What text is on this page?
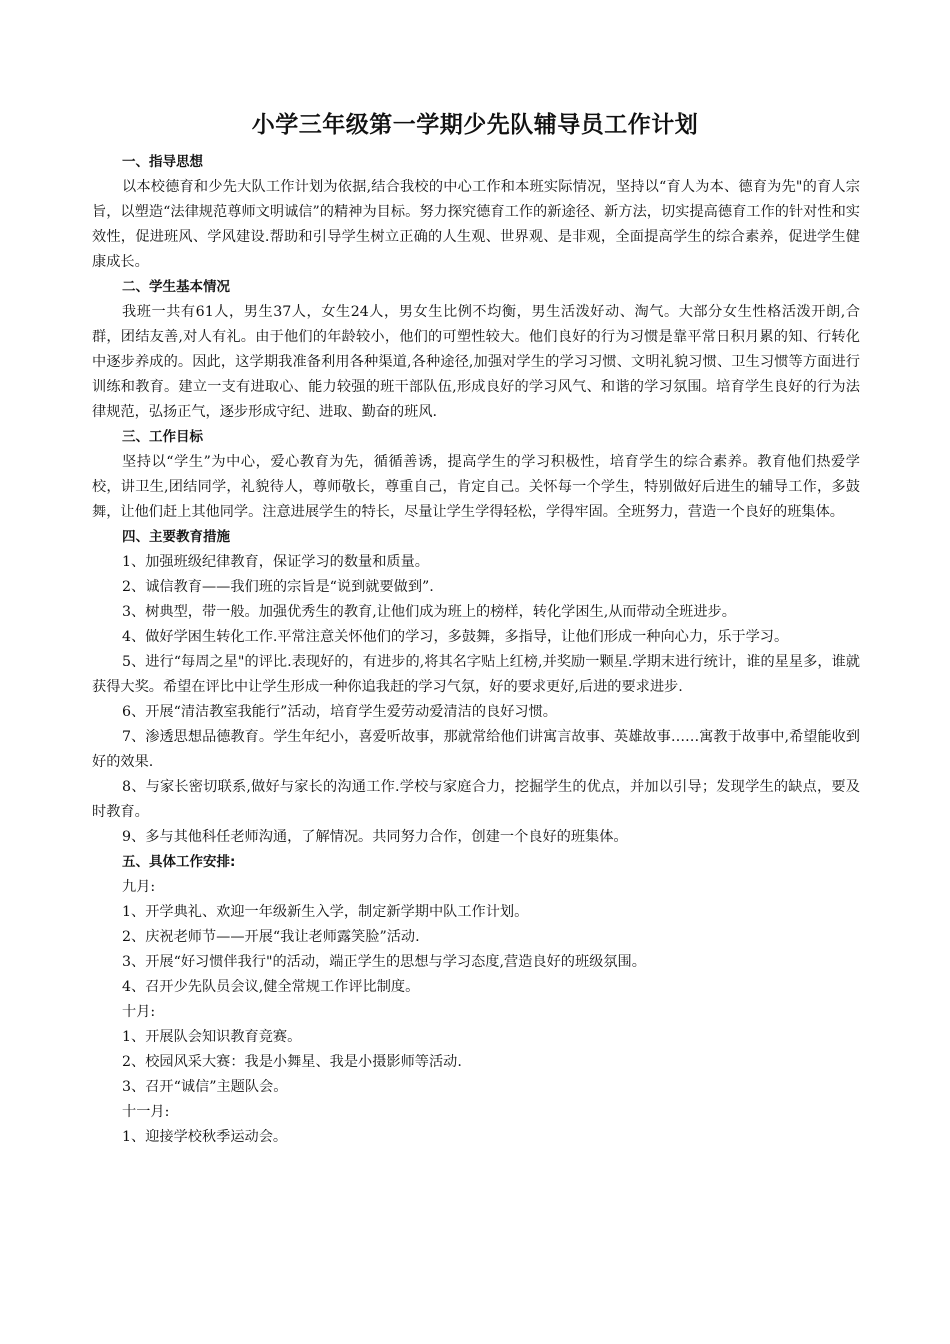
小学三年级第一学期少先队辅导员工作计划

一、指导思想

以本校德育和少先大队工作计划为依据,结合我校的中心工作和本班实际情况，坚持以“育人为本、德育为先"的育人宗旨，以塑造“法律规范尊师文明诚信”的精神为目标。努力探究德育工作的新途径、新方法，切实提高德育工作的针对性和实效性，促进班风、学风建设.帮助和引导学生树立正确的人生观、世界观、是非观，全面提高学生的综合素养，促进学生健康成长。

二、学生基本情况

我班一共有61人，男生37人，女生24人，男女生比例不均衡，男生活泼好动、淘气。大部分女生性格活泼开朗,合群，团结友善,对人有礼。由于他们的年龄较小，他们的可塑性较大。他们良好的行为习惯是靠平常日积月累的知、行转化中逐步养成的。因此，这学期我准备利用各种渠道,各种途径,加强对学生的学习习惯、文明礼貌习惯、卫生习惯等方面进行训练和教育。建立一支有进取心、能力较强的班干部队伍,形成良好的学习风气、和谐的学习氛围。培育学生良好的行为法律规范，弘扬正气，逐步形成守纪、进取、勤奋的班风.

三、工作目标

坚持以“学生”为中心，爱心教育为先，循循善诱，提高学生的学习积极性，培育学生的综合素养。教育他们热爱学校，讲卫生,团结同学，礼貌待人，尊师敬长，尊重自己，肯定自己。关怀每一个学生，特别做好后进生的辅导工作，多鼓舞，让他们赶上其他同学。注意进展学生的特长，尽量让学生学得轻松，学得牢固。全班努力，营造一个良好的班集体。

四、主要教育措施

1、加强班级纪律教育，保证学习的数量和质量。

2、诚信教育——我们班的宗旨是“说到就要做到”.

3、树典型，带一般。加强优秀生的教育,让他们成为班上的榜样，转化学困生,从而带动全班进步。

4、做好学困生转化工作.平常注意关怀他们的学习，多鼓舞，多指导，让他们形成一种向心力，乐于学习。

5、进行“每周之星"的评比.表现好的，有进步的,将其名字贴上红榜,并奖励一颗星.学期末进行统计，谁的星星多，谁就获得大奖。希望在评比中让学生形成一种你追我赶的学习气氛，好的要求更好,后进的要求进步.

6、开展“清洁教室我能行”活动，培育学生爱劳动爱清洁的良好习惯。

7、渗透思想品德教育。学生年纪小，喜爱听故事，那就常给他们讲寓言故事、英雄故事……寓教于故事中,希望能收到好的效果.

8、与家长密切联系,做好与家长的沟通工作.学校与家庭合力，挖掘学生的优点，并加以引导；发现学生的缺点，要及时教育。

9、多与其他科任老师沟通，了解情况。共同努力合作，创建一个良好的班集体。

五、具体工作安排:

九月:

1、开学典礼、欢迎一年级新生入学，制定新学期中队工作计划。

2、庆祝老师节——开展“我让老师露笑脸”活动.

3、开展“好习惯伴我行"的活动，端正学生的思想与学习态度,营造良好的班级氛围。

4、召开少先队员会议,健全常规工作评比制度。

十月:

1、开展队会知识教育竞赛。

2、校园风采大赛：我是小舞星、我是小摄影师等活动.

3、召开“诚信”主题队会。

十一月:

1、迎接学校秋季运动会。
